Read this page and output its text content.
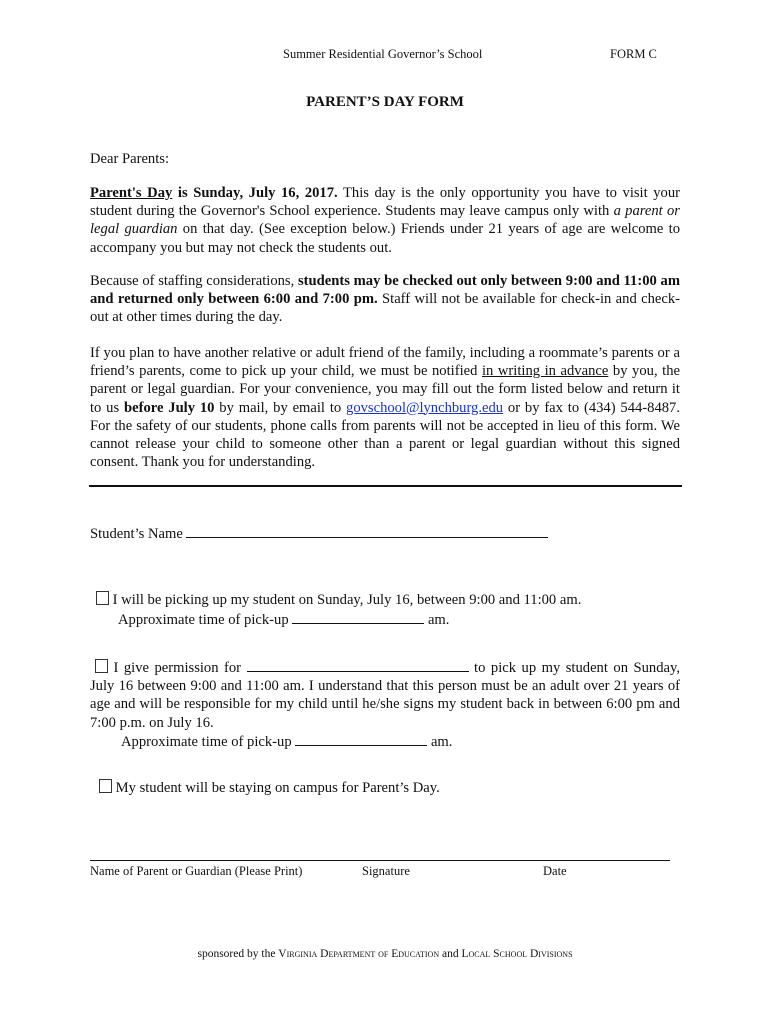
Summer Residential Governor’s School	FORM C
PARENT’S DAY FORM
Dear Parents:
Parent's Day is Sunday, July 16, 2017. This day is the only opportunity you have to visit your student during the Governor's School experience. Students may leave campus only with a parent or legal guardian on that day. (See exception below.) Friends under 21 years of age are welcome to accompany you but may not check the students out.
Because of staffing considerations, students may be checked out only between 9:00 and 11:00 am and returned only between 6:00 and 7:00 pm. Staff will not be available for check-in and check-out at other times during the day.
If you plan to have another relative or adult friend of the family, including a roommate’s parents or a friend’s parents, come to pick up your child, we must be notified in writing in advance by you, the parent or legal guardian. For your convenience, you may fill out the form listed below and return it to us before July 10 by mail, by email to govschool@lynchburg.edu or by fax to (434) 544-8487. For the safety of our students, phone calls from parents will not be accepted in lieu of this form. We cannot release your child to someone other than a parent or legal guardian without this signed consent. Thank you for understanding.
Student’s Name
I will be picking up my student on Sunday, July 16, between 9:00 and 11:00 am.
Approximate time of pick-up	am.
I give permission for	to pick up my student on Sunday, July 16 between 9:00 and 11:00 am. I understand that this person must be an adult over 21 years of age and will be responsible for my child until he/she signs my student back in between 6:00 pm and 7:00 p.m. on July 16.
Approximate time of pick-up	am.
My student will be staying on campus for Parent’s Day.
Name of Parent or Guardian (Please Print)	Signature	Date
sponsored by the Virginia Department of Education and Local School Divisions
